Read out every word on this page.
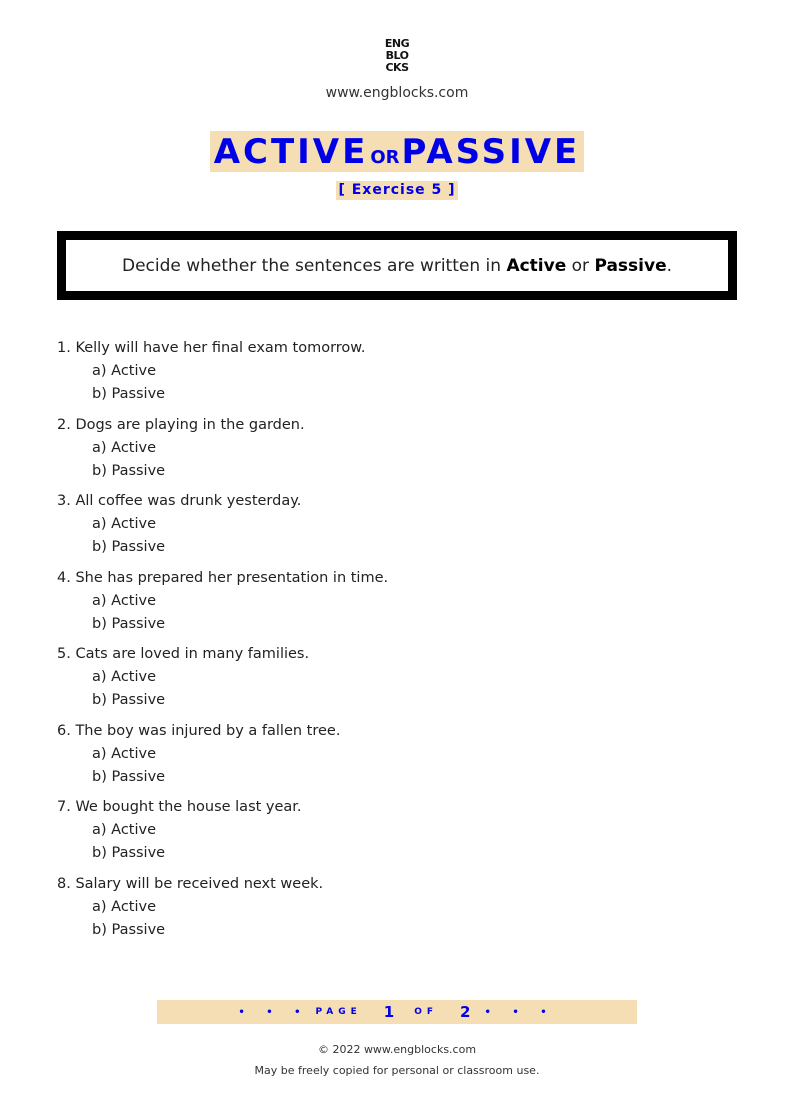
ENG
BLO
CKS
www.engblocks.com
ACTIVE ORPASSIVE
[ Exercise 5 ]
Decide whether the sentences are written in Active or Passive.
1. Kelly will have her final exam tomorrow.
a) Active
b) Passive
2. Dogs are playing in the garden.
a) Active
b) Passive
3. All coffee was drunk yesterday.
a) Active
b) Passive
4. She has prepared her presentation in time.
a) Active
b) Passive
5. Cats are loved in many families.
a) Active
b) Passive
6. The boy was injured by a fallen tree.
a) Active
b) Passive
7. We bought the house last year.
a) Active
b) Passive
8. Salary will be received next week.
a) Active
b) Passive
• • • PAGE 1 OF 2 • • •
© 2022 www.engblocks.com
May be freely copied for personal or classroom use.
